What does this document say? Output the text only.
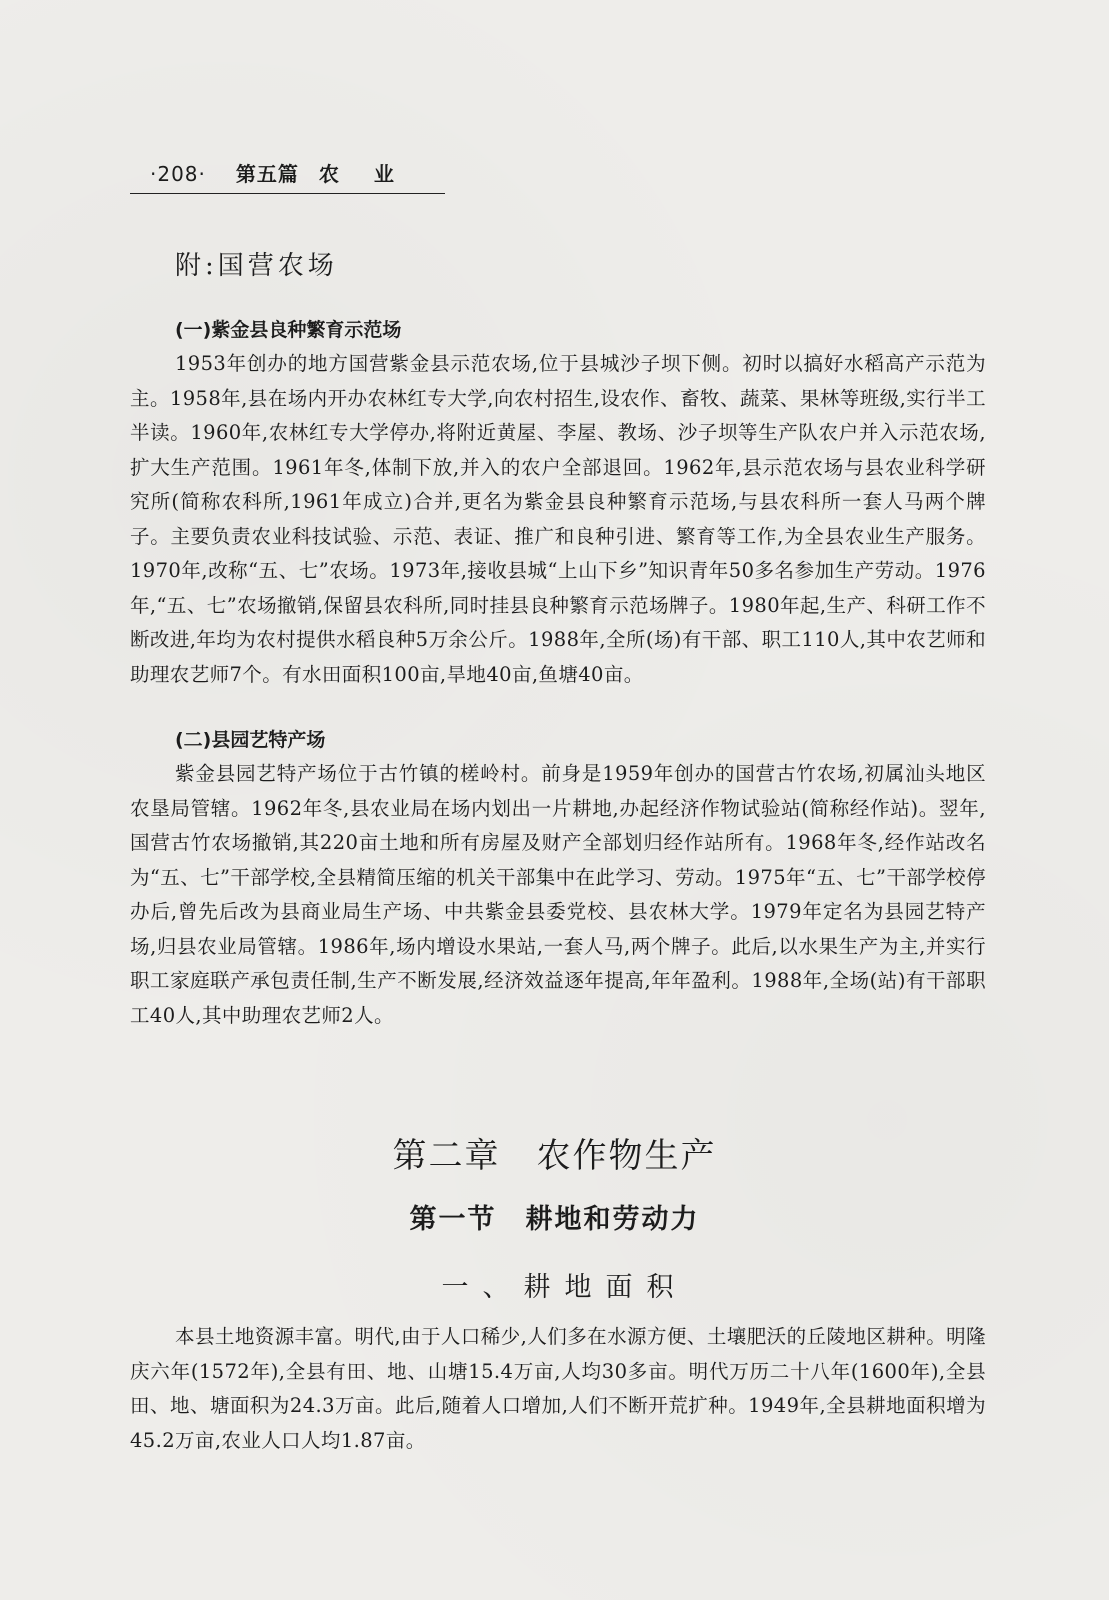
·208· 第五篇 农 业
附:国营农场
(一)紫金县良种繁育示范场

1953年创办的地方国营紫金县示范农场,位于县城沙子坝下侧。初时以搞好水稻高产示范为主。1958年,县在场内开办农林红专大学,向农村招生,设农作、畜牧、蔬菜、果林等班级,实行半工半读。1960年,农林红专大学停办,将附近黄屋、李屋、教场、沙子坝等生产队农户并入示范农场,扩大生产范围。1961年冬,体制下放,并入的农户全部退回。1962年,县示范农场与县农业科学研究所(简称农科所,1961年成立)合并,更名为紫金县良种繁育示范场,与县农科所一套人马两个牌子。主要负责农业科技试验、示范、表证、推广和良种引进、繁育等工作,为全县农业生产服务。1970年,改称“五、七”农场。1973年,接收县城“上山下乡”知识青年50多名参加生产劳动。1976年,“五、七”农场撤销,保留县农科所,同时挂县良种繁育示范场牌子。1980年起,生产、科研工作不断改进,年均为农村提供水稻良种5万余公斤。1988年,全所(场)有干部、职工110人,其中农艺师和助理农艺师7个。有水田面积100亩,旱地40亩,鱼塘40亩。

(二)县园艺特产场

紫金县园艺特产场位于古竹镇的槎岭村。前身是1959年创办的国营古竹农场,初属汕头地区农垦局管辖。1962年冬,县农业局在场内划出一片耕地,办起经济作物试验站(简称经作站)。翌年,国营古竹农场撤销,其220亩土地和所有房屋及财产全部划归经作站所有。1968年冬,经作站改名为“五、七”干部学校,全县精简压缩的机关干部集中在此学习、劳动。1975年“五、七”干部学校停办后,曾先后改为县商业局生产场、中共紫金县委党校、县农林大学。1979年定名为县园艺特产场,归县农业局管辖。1986年,场内增设水果站,一套人马,两个牌子。此后,以水果生产为主,并实行职工家庭联产承包责任制,生产不断发展,经济效益逐年提高,年年盈利。1988年,全场(站)有干部职工40人,其中助理农艺师2人。

第二章　农作物生产
第一节　耕地和劳动力
一、耕地面积

本县土地资源丰富。明代,由于人口稀少,人们多在水源方便、土壤肥沃的丘陵地区耕种。明隆庆六年(1572年),全县有田、地、山塘15.4万亩,人均30多亩。明代万历二十八年(1600年),全县田、地、塘面积为24.3万亩。此后,随着人口增加,人们不断开荒扩种。1949年,全县耕地面积增为45.2万亩,农业人口人均1.87亩。
